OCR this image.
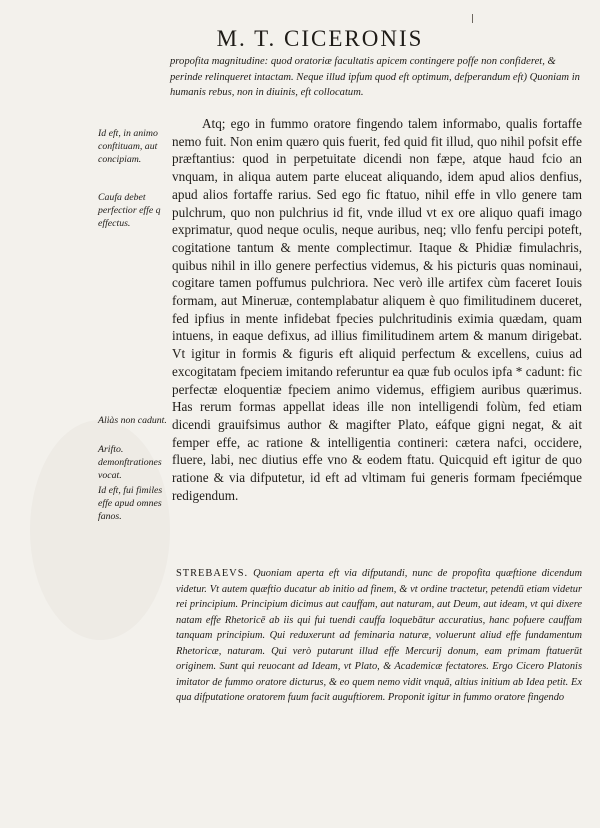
M. T. CICERONIS
propofita magnitudine: quod oratoriæ facultatis apicem contingere poffe non confideret, & perinde relinqueret intactam. Neque illud ipfum quod eft optimum, defperandum eft) Quoniam in humanis rebus, non in diuinis, eft collocatum.
Id eft, in animo conftituam, aut concipiam.
Caufa debet perfectior effe q effectus.
Aliàs non cadunt.
Arifto. demonftrationes vocat.
Id eft, fui fimiles effe apud omnes fanos.

Atq; ego in fummo oratore fingendo talem informabo, qualis fortaffe nemo fuit. Non enim quæro quis fuerit, fed quid fit illud, quo nihil pofsit effe præftantius: quod in perpetuitate dicendi non fæpe, atque haud fcio an vnquam, in aliqua autem parte eluceat aliquando, idem apud alios denfius, apud alios fortaffe rarius. Sed ego fic ftatuo, nihil effe in vllo genere tam pulchrum, quo non pulchrius id fit, vnde illud vt ex ore aliquo quafi imago exprimatur, quod neque oculis, neque auribus, neq; vllo fenfu percipi poteft, cogitatione tantum & mente complectimur. Itaque & Phidiæ fimulachris, quibus nihil in illo genere perfectius videmus, & his picturis quas nominaui, cogitare tamen poffumus pulchriora. Nec verò ille artifex cùm faceret Iouis formam, aut Mineruæ, contemplabatur aliquem è quo fimilitudinem duceret, fed ipfius in mente infidebat fpecies pulchritudinis eximia quædam, quam intuens, in eaque defixus, ad illius fimilitudinem artem & manum dirigebat. Vt igitur in formis & figuris eft aliquid perfectum & excellens, cuius ad excogitatam fpeciem imitando referuntur ea quæ fub oculos ipfa * cadunt: fic perfectæ eloquentiæ fpeciem animo videmus, effigiem auribus quærimus. Has rerum formas appellat ideas ille non intelligendi folùm, fed etiam dicendi grauifsimus author & magifter Plato, eáfque gigni negat, & ait femper effe, ac ratione & intelligentia contineri: cætera nafci, occidere, fluere, labi, nec diutius effe vno & eodem ftatu. Quicquid eft igitur de quo ratione & via difputetur, id eft ad vltimam fui generis formam fpeciémque redigendum.

STREBAEVS. Quoniam aperta eft via difputandi, nunc de propofita quæftione dicendum videtur. Vt autem quæftio ducatur ab initio ad finem, & vt ordine tractetur, petendū etiam videtur rei principium. Principium dicimus aut cauffam, aut naturam, aut Deum, aut ideam, vt qui dixere natam effe Rhetoricē ab iis qui fui tuendi cauffa loquebātur accuratius, hanc pofuere cauffam tanquam principium. Qui reduxerunt ad feminaria naturæ, voluerunt aliud effe fundamentum Rhetoricæ, naturam. Qui verò putarunt illud effe Mercurij donum, eam primam ftatuerūt originem. Sunt qui reuocant ad Ideam, vt Plato, & Academicæ fectatores. Ergo Cicero Platonis imitator de fummo oratore dicturus, & eo quem nemo vidit vnquā, altius initium ab Idea petit. Ex qua difputatione oratorem fuum facit auguftiorem. Proponit igitur in fummo oratore fingendo
